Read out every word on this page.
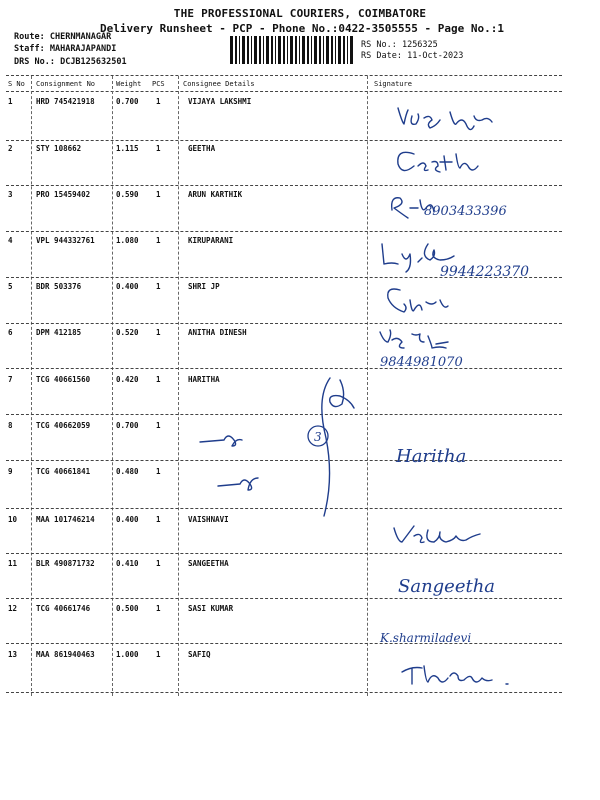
THE PROFESSIONAL COURIERS, COIMBATORE
Delivery Runsheet - PCP - Phone No.:0422-3505555 - Page No.:1
Route: CHERNMANAGAR
Staff: MAHARAJAPANDI
DRS No.: DCJB125632501
RS No.: 1256325
RS Date: 11-Oct-2023
S No Consignment No	Weight PCS	Consignee Details	Signature
1	HRD 745421918	0.700 1	VIJAYA LAKSHMI
2	STY 108662	1.115 1	GEETHA
3	PRO 15459402	0.590 1	ARUN KARTHIK
4	VPL 944332761	1.080 1	KIRUPARANI
5	BDR 503376	0.400 1	SHRI JP
6	DPM 412185	0.520 1	ANITHA DINESH
7	TCG 40661560	0.420 1	HARITHA
8	TCG 40662059	0.700 1
9	TCG 40661841	0.480 1
10	MAA 101746214	0.400 1	VAISHNAVI
11	BLR 490871732	0.410 1	SANGEETHA
12	TCG 40661746	0.500 1	SASI KUMAR
13	MAA 861940463	1.000 1	SAFIQ
3
8903433396
9944223370
9844981070
Haritha
Sangeetha
K.sharmiladevi
